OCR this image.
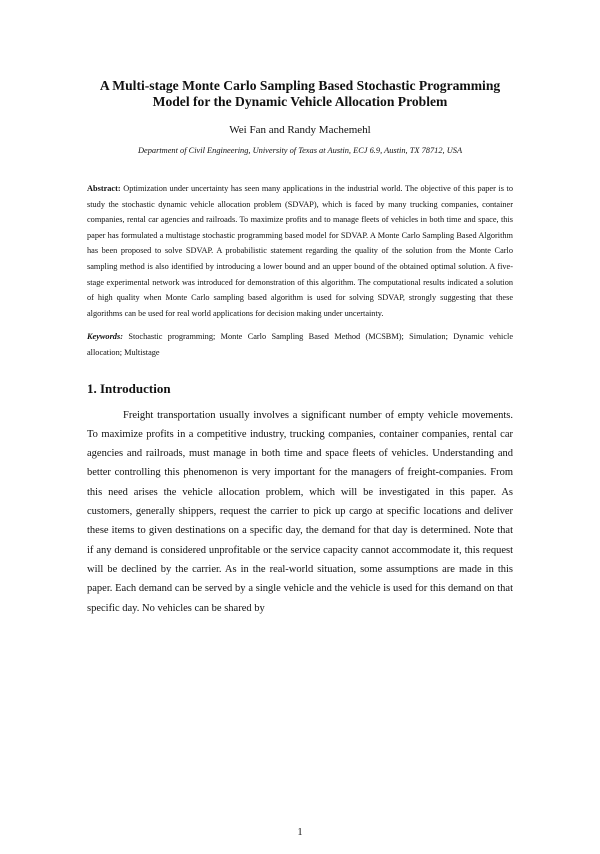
A Multi-stage Monte Carlo Sampling Based Stochastic Programming
Model for the Dynamic Vehicle Allocation Problem
Wei Fan and Randy Machemehl
Department of Civil Engineering, University of Texas at Austin, ECJ 6.9, Austin, TX 78712, USA
Abstract: Optimization under uncertainty has seen many applications in the industrial world. The objective of this paper is to study the stochastic dynamic vehicle allocation problem (SDVAP), which is faced by many trucking companies, container companies, rental car agencies and railroads. To maximize profits and to manage fleets of vehicles in both time and space, this paper has formulated a multistage stochastic programming based model for SDVAP. A Monte Carlo Sampling Based Algorithm has been proposed to solve SDVAP. A probabilistic statement regarding the quality of the solution from the Monte Carlo sampling method is also identified by introducing a lower bound and an upper bound of the obtained optimal solution. A five-stage experimental network was introduced for demonstration of this algorithm. The computational results indicated a solution of high quality when Monte Carlo sampling based algorithm is used for solving SDVAP, strongly suggesting that these algorithms can be used for real world applications for decision making under uncertainty.
Keywords: Stochastic programming; Monte Carlo Sampling Based Method (MCSBM); Simulation; Dynamic vehicle allocation; Multistage
1. Introduction
Freight transportation usually involves a significant number of empty vehicle movements. To maximize profits in a competitive industry, trucking companies, container companies, rental car agencies and railroads, must manage in both time and space fleets of vehicles. Understanding and better controlling this phenomenon is very important for the managers of freight-companies. From this need arises the vehicle allocation problem, which will be investigated in this paper. As customers, generally shippers, request the carrier to pick up cargo at specific locations and deliver these items to given destinations on a specific day, the demand for that day is determined. Note that if any demand is considered unprofitable or the service capacity cannot accommodate it, this request will be declined by the carrier. As in the real-world situation, some assumptions are made in this paper. Each demand can be served by a single vehicle and the vehicle is used for this demand on that specific day. No vehicles can be shared by
1
